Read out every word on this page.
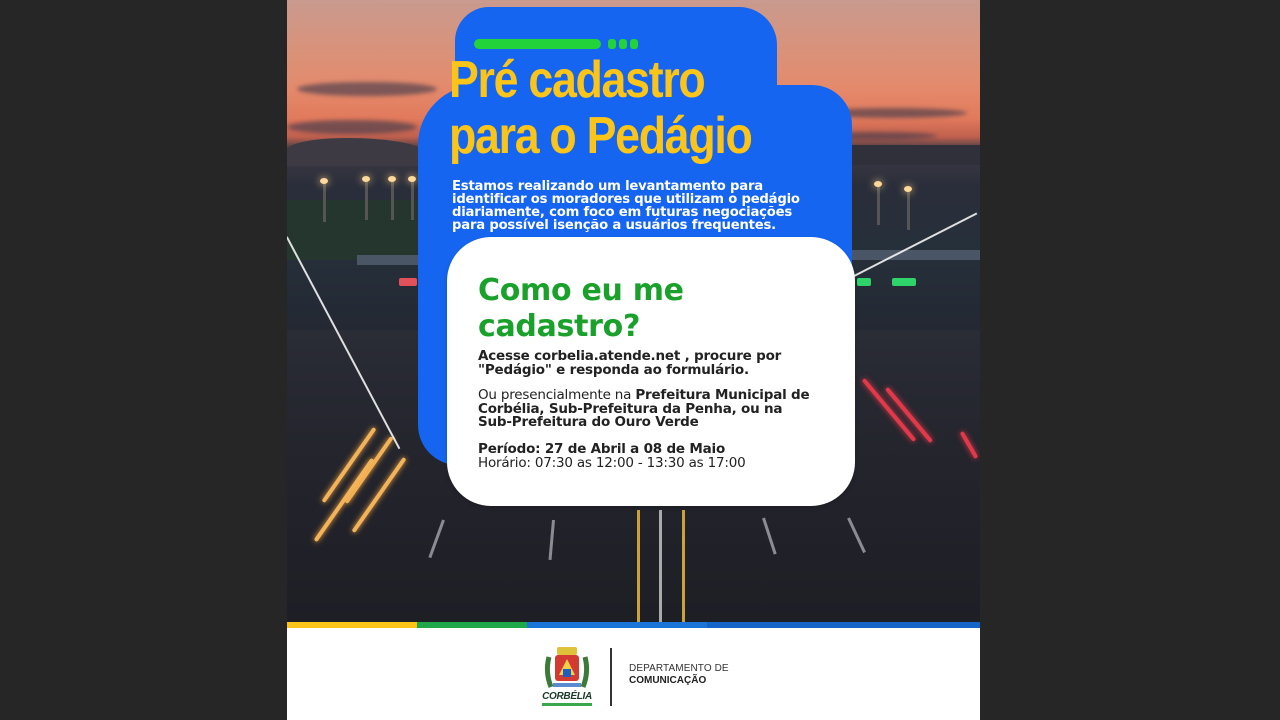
Pré cadastro
para o Pedágio
Estamos realizando um levantamento para
identificar os moradores que utilizam o pedágio
diariamente, com foco em futuras negociações
para possível isenção a usuários frequentes.
Como eu me
cadastro?
Acesse corbelia.atende.net , procure por
"Pedágio" e responda ao formulário.
Ou presencialmente na Prefeitura Municipal de
Corbélia, Sub-Prefeitura da Penha, ou na
Sub-Prefeitura do Ouro Verde
Período: 27 de Abril a 08 de Maio
Horário: 07:30 as 12:00 - 13:30 as 17:00
CORBÉLIA
DEPARTAMENTO DE
COMUNICAÇÃO
